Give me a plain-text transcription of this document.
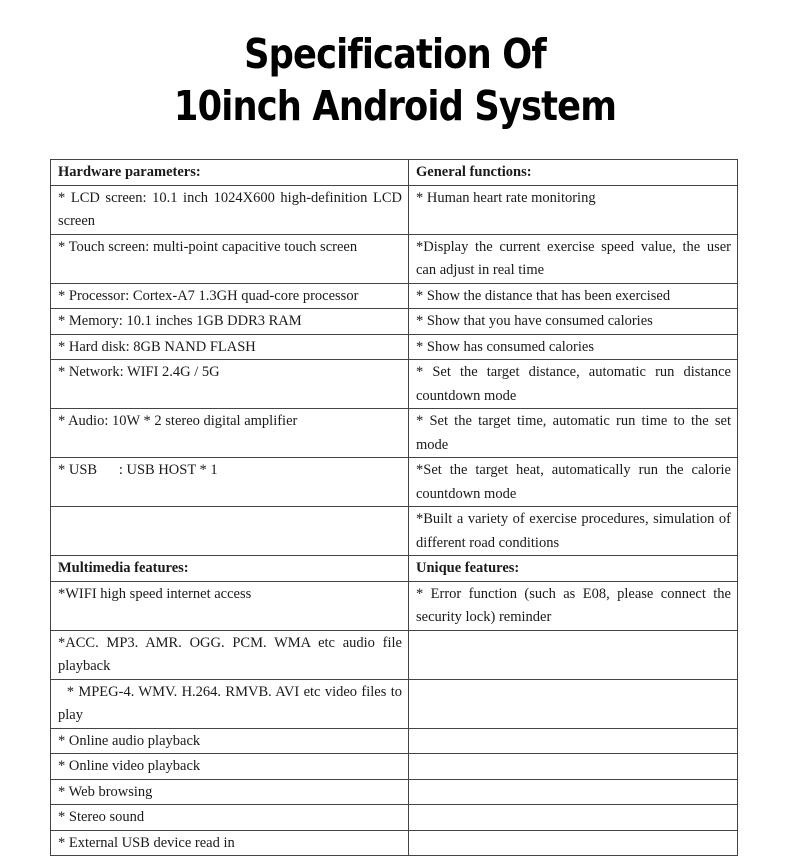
Specification Of
10inch Android System
Hardware parameters:	General functions:
* LCD screen: 10.1 inch 1024X600 high-definition LCD screen	* Human heart rate monitoring
* Touch screen: multi-point capacitive touch screen	*Display the current exercise speed value, the user can adjust in real time
* Processor: Cortex-A7 1.3GH quad-core processor	* Show the distance that has been exercised
* Memory: 10.1 inches 1GB DDR3 RAM	* Show that you have consumed calories
* Hard disk: 8GB NAND FLASH	* Show has consumed calories
* Network: WIFI 2.4G / 5G	* Set the target distance, automatic run distance countdown mode
* Audio: 10W * 2 stereo digital amplifier	* Set the target time, automatic run time to the set mode
* USB      : USB HOST * 1	*Set the target heat, automatically run the calorie countdown mode
	*Built a variety of exercise procedures, simulation of different road conditions
Multimedia features:	Unique features:
*WIFI high speed internet access	* Error function (such as E08, please connect the security lock) reminder
*ACC. MP3. AMR. OGG. PCM. WMA etc audio file playback	
* MPEG-4. WMV. H.264. RMVB. AVI etc video files to play	
* Online audio playback	
* Online video playback	
* Web browsing	
* Stereo sound	
* External USB device read in	
